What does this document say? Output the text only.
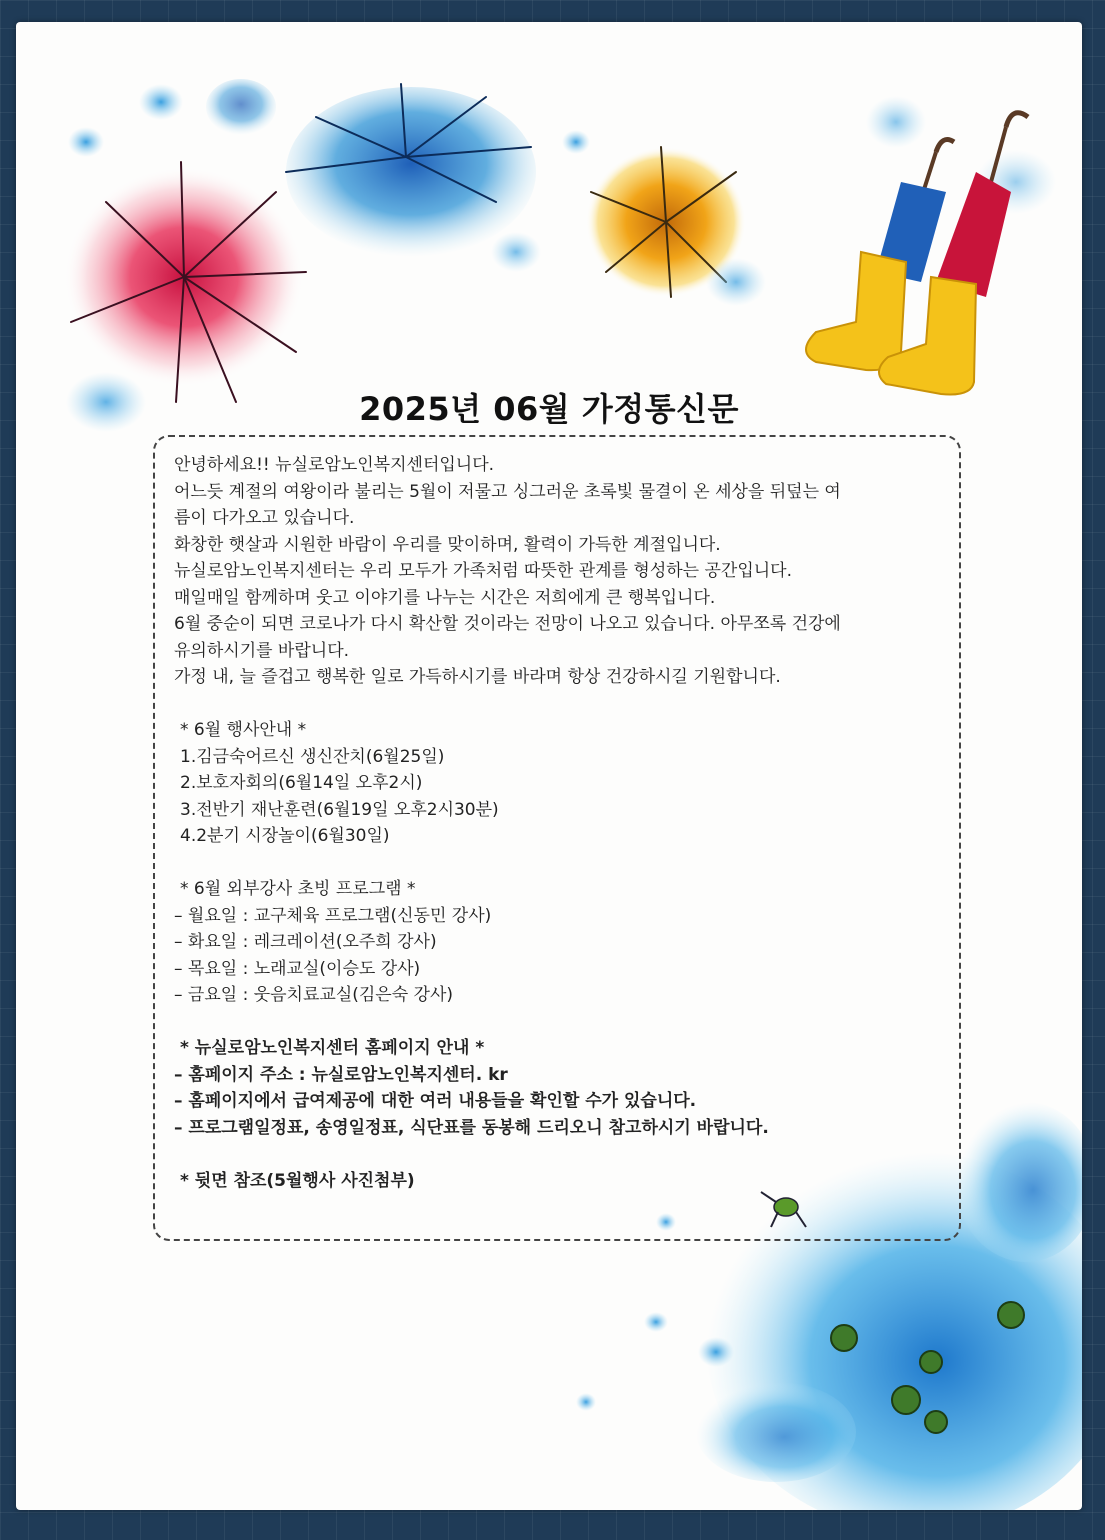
2025년 06월 가정통신문

안녕하세요!! 뉴실로암노인복지센터입니다.

어느듯 계절의 여왕이라 불리는 5월이 저물고 싱그러운 초록빛 물결이 온 세상을 뒤덮는 여

름이 다가오고 있습니다.

화창한 햇살과 시원한 바람이 우리를 맞이하며, 활력이 가득한 계절입니다.

뉴실로암노인복지센터는 우리 모두가 가족처럼 따뜻한 관계를 형성하는 공간입니다.

매일매일 함께하며 웃고 이야기를 나누는 시간은 저희에게 큰 행복입니다.

6월 중순이 되면 코로나가 다시 확산할 것이라는 전망이 나오고 있습니다. 아무쪼록 건강에

유의하시기를 바랍니다.

가정 내, 늘 즐겁고 행복한 일로 가득하시기를 바라며 항상 건강하시길 기원합니다.

* 6월 행사안내 *

1.김금숙어르신 생신잔치(6월25일)

2.보호자회의(6월14일 오후2시)

3.전반기 재난훈련(6월19일 오후2시30분)

4.2분기 시장놀이(6월30일)

* 6월 외부강사 초빙 프로그램 *

– 월요일 : 교구체육 프로그램(신동민 강사)

– 화요일 : 레크레이션(오주희 강사)

– 목요일 : 노래교실(이승도 강사)

– 금요일 : 웃음치료교실(김은숙 강사)

* 뉴실로암노인복지센터 홈페이지 안내 *

– 홈페이지 주소 : 뉴실로암노인복지센터. kr

– 홈페이지에서 급여제공에 대한 여러 내용들을 확인할 수가 있습니다.

– 프로그램일정표, 송영일정표, 식단표를 동봉해 드리오니 참고하시기 바랍니다.

* 뒷면 참조(5월행사 사진첨부)
